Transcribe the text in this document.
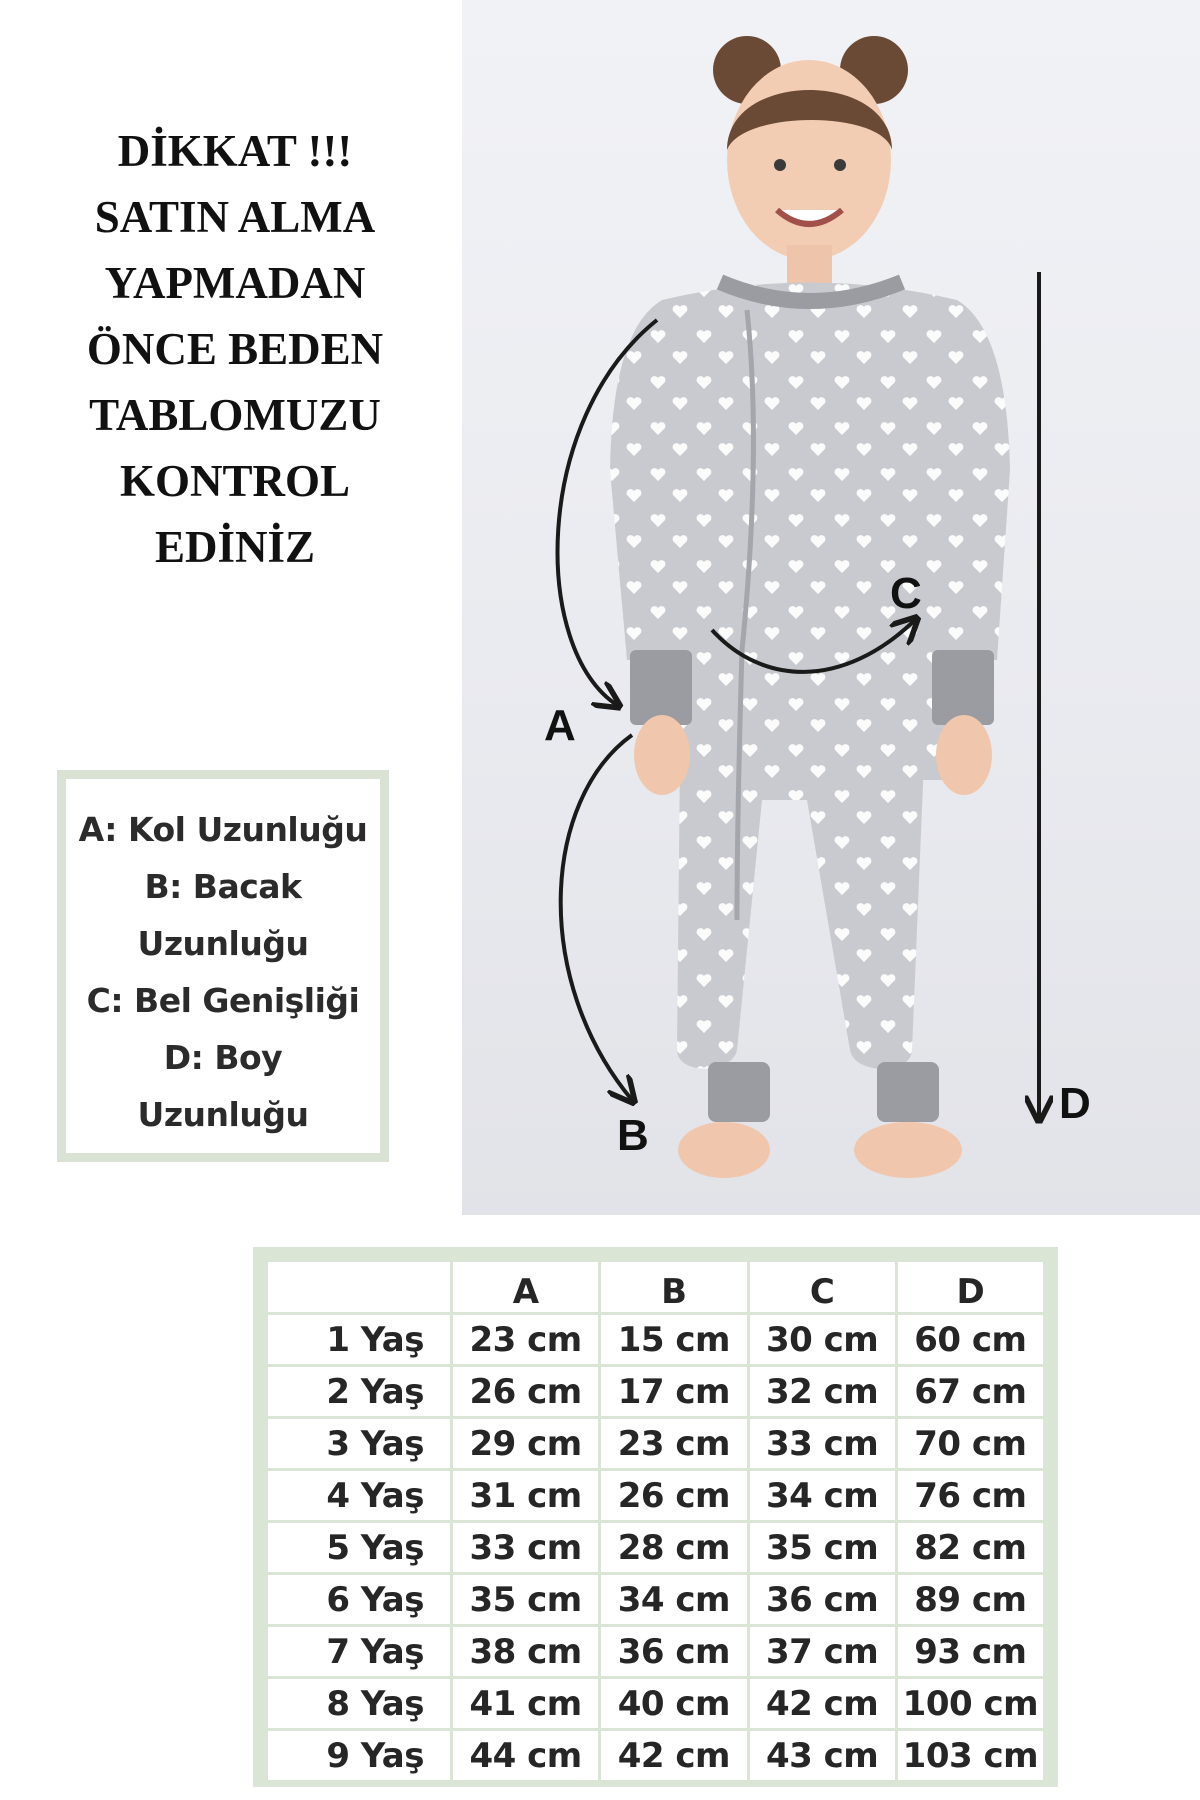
DİKKAT !!!
SATIN ALMA
YAPMADAN
ÖNCE BEDEN
TABLOMUZU
KONTROL
EDİNİZ
A: Kol Uzunluğu
B: Bacak
Uzunluğu
C: Bel Genişliği
D: Boy
Uzunluğu
A
B
C
D
	A	B	C	D
1 Yaş	23 cm	15 cm	30 cm	60 cm
2 Yaş	26 cm	17 cm	32 cm	67 cm
3 Yaş	29 cm	23 cm	33 cm	70 cm
4 Yaş	31 cm	26 cm	34 cm	76 cm
5 Yaş	33 cm	28 cm	35 cm	82 cm
6 Yaş	35 cm	34 cm	36 cm	89 cm
7 Yaş	38 cm	36 cm	37 cm	93 cm
8 Yaş	41 cm	40 cm	42 cm	100 cm
9 Yaş	44 cm	42 cm	43 cm	103 cm
